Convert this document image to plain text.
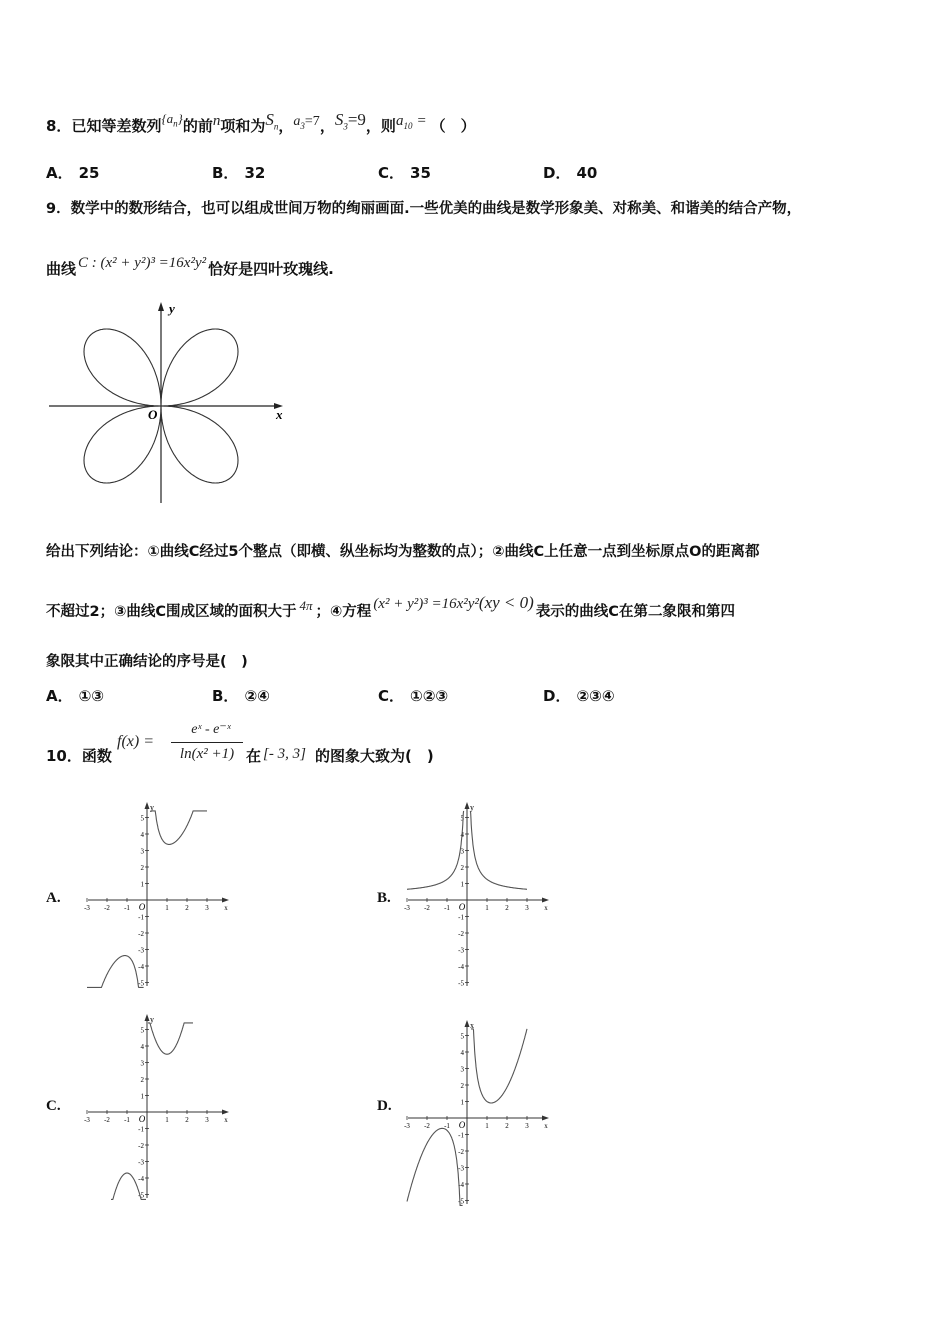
8．已知等差数列$\{a_n\}$的前n项和为$S_n$，$a_3=7$，$S_3=9$，则$a_{10}$ = （　）
A． 25	B． 32	C． 35	D． 40
9．数学中的数形结合，也可以组成世间万物的绚丽画面.一些优美的曲线是数学形象美、对称美、和谐美的结合产物，
曲线 C : (x² + y²)³ =16x²y² 恰好是四叶玫瑰线.
y
x
O
给出下列结论：①曲线C经过5个整点（即横、纵坐标均为整数的点）；②曲线C上任意一点到坐标原点O的距离都
不超过2；③曲线C围成区域的面积大于 4π ；④方程 (x² + y²)³ =16x²y²(xy < 0) 表示的曲线C在第二象限和第四
象限其中正确结论的序号是(　)
A． ①③	B． ②④	C． ①②③	D． ②③④
10．函数
f(x) =
eˣ - e⁻ˣ
ln(x² +1) 在 [- 3, 3] 的图象大致为(　)
A.	B.
C.	D.
y
5
4
3
2
1
-1
-2
-3
-4
-5
-3 -2 -1 O	1 2 3 x
y
5
4
3
2
1
-1
-2
-3
-4
-5
-3 -2 -1 O	1 2 3 x
y
5
4
3
2
1
-1
-2
-3
-4
-5
-3 -2 -1 O	1 2 3 x
x
5
4
3
2
1
-1
-2
-3
-4
-5
-3 -2 -1 O	1 2 3 x
